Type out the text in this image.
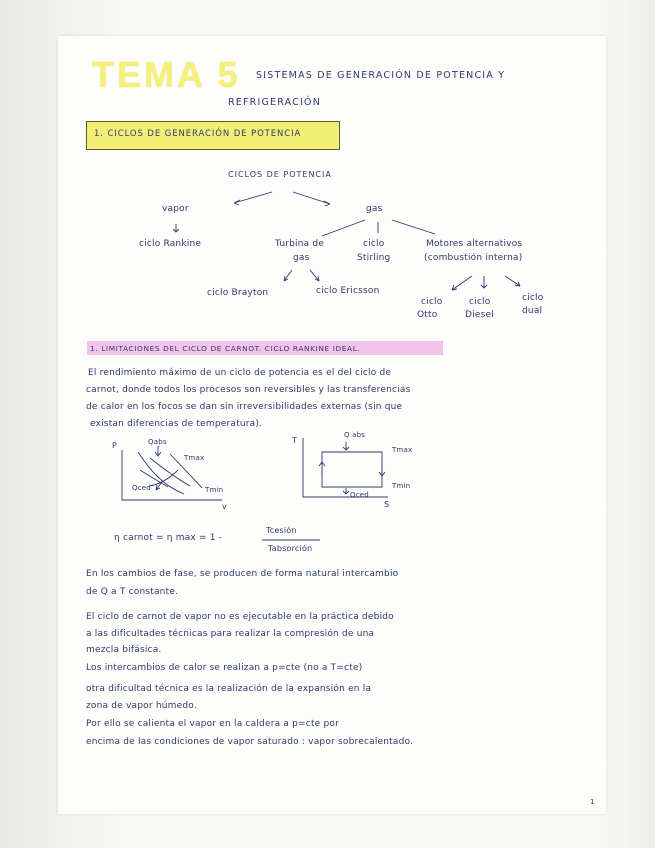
TEMA 5 SISTEMAS DE GENERACIÓN DE POTENCIA Y
REFRIGERACIÓN
1. CICLOS DE GENERACIÓN DE POTENCIA
CICLOS DE POTENCIA
vapor	gas
ciclo Rankine	Turbina de
gas
ciclo
Stirling
Motores alternativos
(combustión interna)
ciclo Brayton	ciclo Ericsson
ciclo
Otto
ciclo
Diesel
ciclo
dual
1. LIMITACIONES DEL CICLO DE CARNOT. CICLO RANKINE IDEAL.
El rendimiento máximo de un ciclo de potencia es el del ciclo de
carnot, donde todos los procesos son reversibles y las transferencias
de calor en los focos se dan sin irreversibilidades externas (sin que
existan diferencias de temperatura).
P
v
Qabs
Tmax
Qced	Tmin
T
S
Q abs
Tmax
Qced
Tmin
η carnot = η max = 1 -
Tcesión
Tabsorción
En los cambios de fase, se producen de forma natural intercambio
de Q a T constante.
El ciclo de carnot de vapor no es ejecutable en la práctica debido
a las dificultades técnicas para realizar la compresión de una
mezcla bifásica.
Los intercambios de calor se realizan a p=cte (no a T=cte)
otra dificultad técnica es la realización de la expansión en la
zona de vapor húmedo.
Por ello se calienta el vapor en la caldera a p=cte por
encima de las condiciones de vapor saturado : vapor sobrecalentado.
1
